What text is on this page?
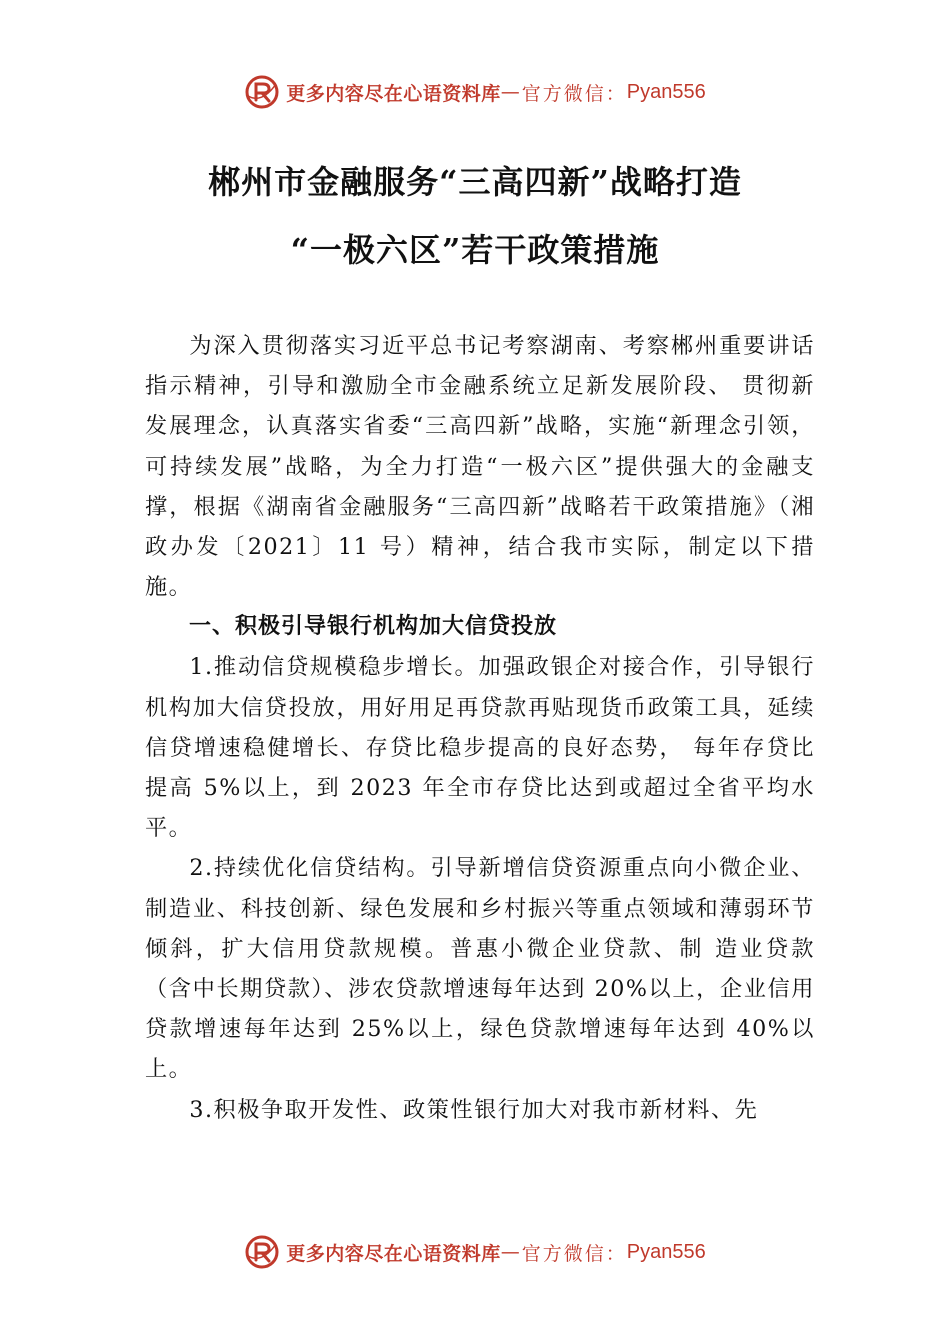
更多内容尽在心语资料库 — 官方微信： Pyan556
郴州市金融服务“三高四新”战略打造
“一极六区”若干政策措施

为深入贯彻落实习近平总书记考察湖南、考察郴州重要讲话指示精神，引导和激励全市金融系统立足新发展阶段、 贯彻新发展理念，认真落实省委“三高四新”战略，实施“新理念引领，可持续发展”战略，为全力打造“一极六区”提供强大的金融支撑，根据《湖南省金融服务“三高四新”战略若干政策措施》（湘政办发〔2021〕11 号）精神，结合我市实际，制定以下措施。

一、积极引导银行机构加大信贷投放

1.推动信贷规模稳步增长。加强政银企对接合作，引导银行机构加大信贷投放，用好用足再贷款再贴现货币政策工具，延续信贷增速稳健增长、存贷比稳步提高的良好态势， 每年存贷比提高 5%以上，到 2023 年全市存贷比达到或超过全省平均水平。

2.持续优化信贷结构。引导新增信贷资源重点向小微企业、制造业、科技创新、绿色发展和乡村振兴等重点领域和薄弱环节倾斜，扩大信用贷款规模。普惠小微企业贷款、制 造业贷款（含中长期贷款）、涉农贷款增速每年达到 20%以上，企业信用贷款增速每年达到 25%以上，绿色贷款增速每年达到 40%以上。

3.积极争取开发性、政策性银行加大对我市新材料、先

更多内容尽在心语资料库 — 官方微信： Pyan556
